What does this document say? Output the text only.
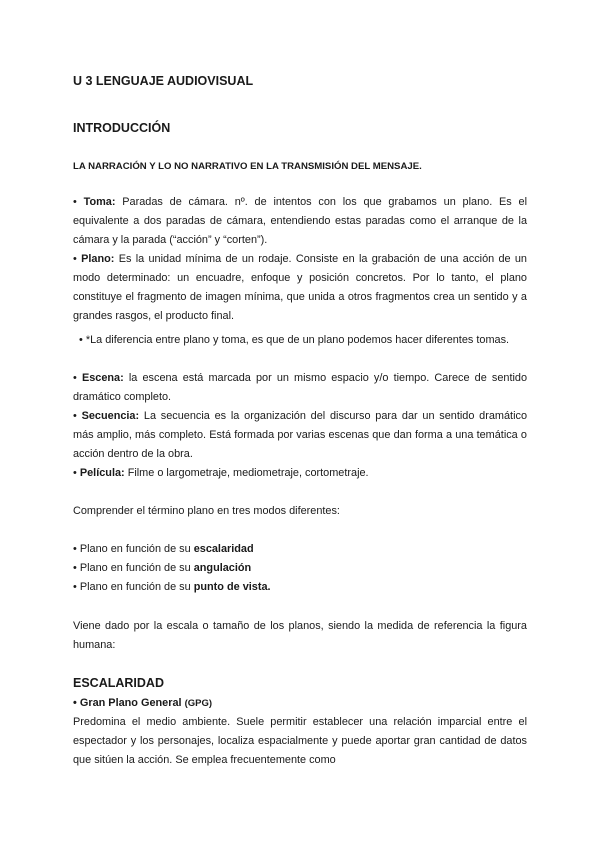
U 3 LENGUAJE AUDIOVISUAL
INTRODUCCIÓN
LA NARRACIÓN Y LO NO NARRATIVO EN LA TRANSMISIÓN DEL MENSAJE.
• Toma: Paradas de cámara. nº. de intentos con los que grabamos un plano. Es el equivalente a dos paradas de cámara, entendiendo estas paradas como el arranque de la cámara y la parada (“acción” y “corten”).
• Plano: Es la unidad mínima de un rodaje. Consiste en la grabación de una acción de un modo determinado: un encuadre, enfoque y posición concretos. Por lo tanto, el plano constituye el fragmento de imagen mínima, que unida a otros fragmentos crea un sentido y a grandes rasgos, el producto final.
• *La diferencia entre plano y toma, es que de un plano podemos hacer diferentes tomas.
• Escena: la escena está marcada por un mismo espacio y/o tiempo. Carece de sentido dramático completo.
• Secuencia: La secuencia es la organización del discurso para dar un sentido dramático más amplio, más completo. Está formada por varias escenas que dan forma a una temática o acción dentro de la obra.
• Película: Filme o largometraje, mediometraje, cortometraje.
Comprender el término plano en tres modos diferentes:
• Plano en función de su escalaridad
• Plano en función de su angulación
• Plano en función de su punto de vista.
Viene dado por la escala o tamaño de los planos, siendo la medida de referencia la figura humana:
ESCALARIDAD
• Gran Plano General (GPG)
Predomina el medio ambiente. Suele permitir establecer una relación imparcial entre el espectador y los personajes, localiza espacialmente y puede aportar gran cantidad de datos que sitúen la acción. Se emplea frecuentemente como
